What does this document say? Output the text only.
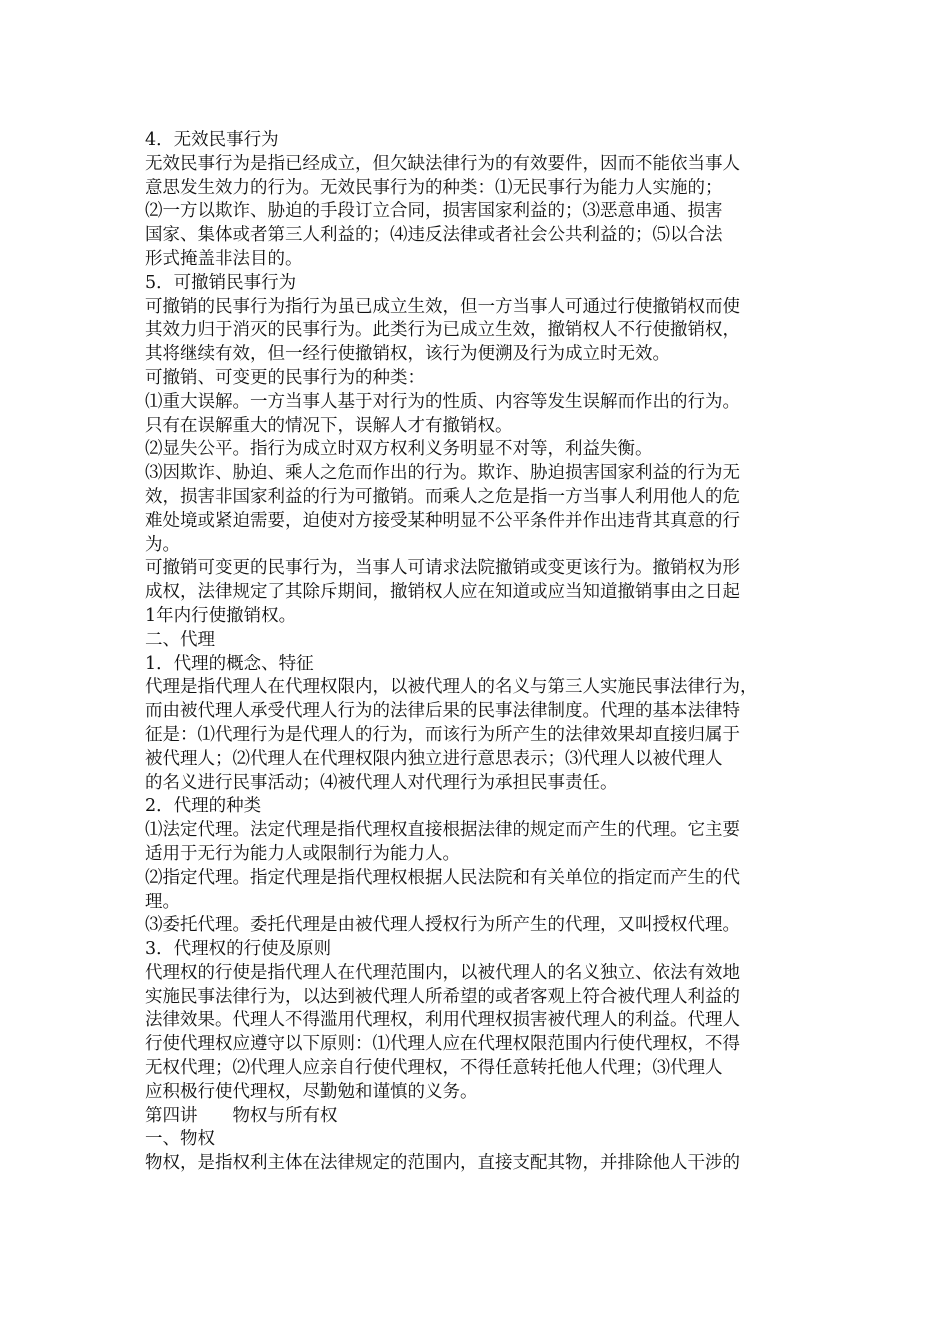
4．无效民事行为
无效民事行为是指已经成立，但欠缺法律行为的有效要件，因而不能依当事人
意思发生效力的行为。无效民事行为的种类：⑴无民事行为能力人实施的；
⑵一方以欺诈、胁迫的手段订立合同，损害国家利益的；⑶恶意串通、损害
国家、集体或者第三人利益的；⑷违反法律或者社会公共利益的；⑸以合法
形式掩盖非法目的。
5．可撤销民事行为
可撤销的民事行为指行为虽已成立生效，但一方当事人可通过行使撤销权而使
其效力归于消灭的民事行为。此类行为已成立生效，撤销权人不行使撤销权，
其将继续有效，但一经行使撤销权，该行为便溯及行为成立时无效。
可撤销、可变更的民事行为的种类：
⑴重大误解。一方当事人基于对行为的性质、内容等发生误解而作出的行为。
只有在误解重大的情况下，误解人才有撤销权。
⑵显失公平。指行为成立时双方权利义务明显不对等，利益失衡。
⑶因欺诈、胁迫、乘人之危而作出的行为。欺诈、胁迫损害国家利益的行为无
效，损害非国家利益的行为可撤销。而乘人之危是指一方当事人利用他人的危
难处境或紧迫需要，迫使对方接受某种明显不公平条件并作出违背其真意的行
为。
可撤销可变更的民事行为，当事人可请求法院撤销或变更该行为。撤销权为形
成权，法律规定了其除斥期间，撤销权人应在知道或应当知道撤销事由之日起
1年内行使撤销权。
二、代理
1．代理的概念、特征
代理是指代理人在代理权限内，以被代理人的名义与第三人实施民事法律行为，
而由被代理人承受代理人行为的法律后果的民事法律制度。代理的基本法律特
征是：⑴代理行为是代理人的行为，而该行为所产生的法律效果却直接归属于
被代理人；⑵代理人在代理权限内独立进行意思表示；⑶代理人以被代理人
的名义进行民事活动；⑷被代理人对代理行为承担民事责任。
2．代理的种类
⑴法定代理。法定代理是指代理权直接根据法律的规定而产生的代理。它主要
适用于无行为能力人或限制行为能力人。
⑵指定代理。指定代理是指代理权根据人民法院和有关单位的指定而产生的代
理。
⑶委托代理。委托代理是由被代理人授权行为所产生的代理，又叫授权代理。
3．代理权的行使及原则
代理权的行使是指代理人在代理范围内，以被代理人的名义独立、依法有效地
实施民事法律行为，以达到被代理人所希望的或者客观上符合被代理人利益的
法律效果。代理人不得滥用代理权，利用代理权损害被代理人的利益。代理人
行使代理权应遵守以下原则：⑴代理人应在代理权限范围内行使代理权，不得
无权代理；⑵代理人应亲自行使代理权，不得任意转托他人代理；⑶代理人
应积极行使代理权，尽勤勉和谨慎的义务。
第四讲　　物权与所有权
一、物权
物权，是指权利主体在法律规定的范围内，直接支配其物，并排除他人干涉的
